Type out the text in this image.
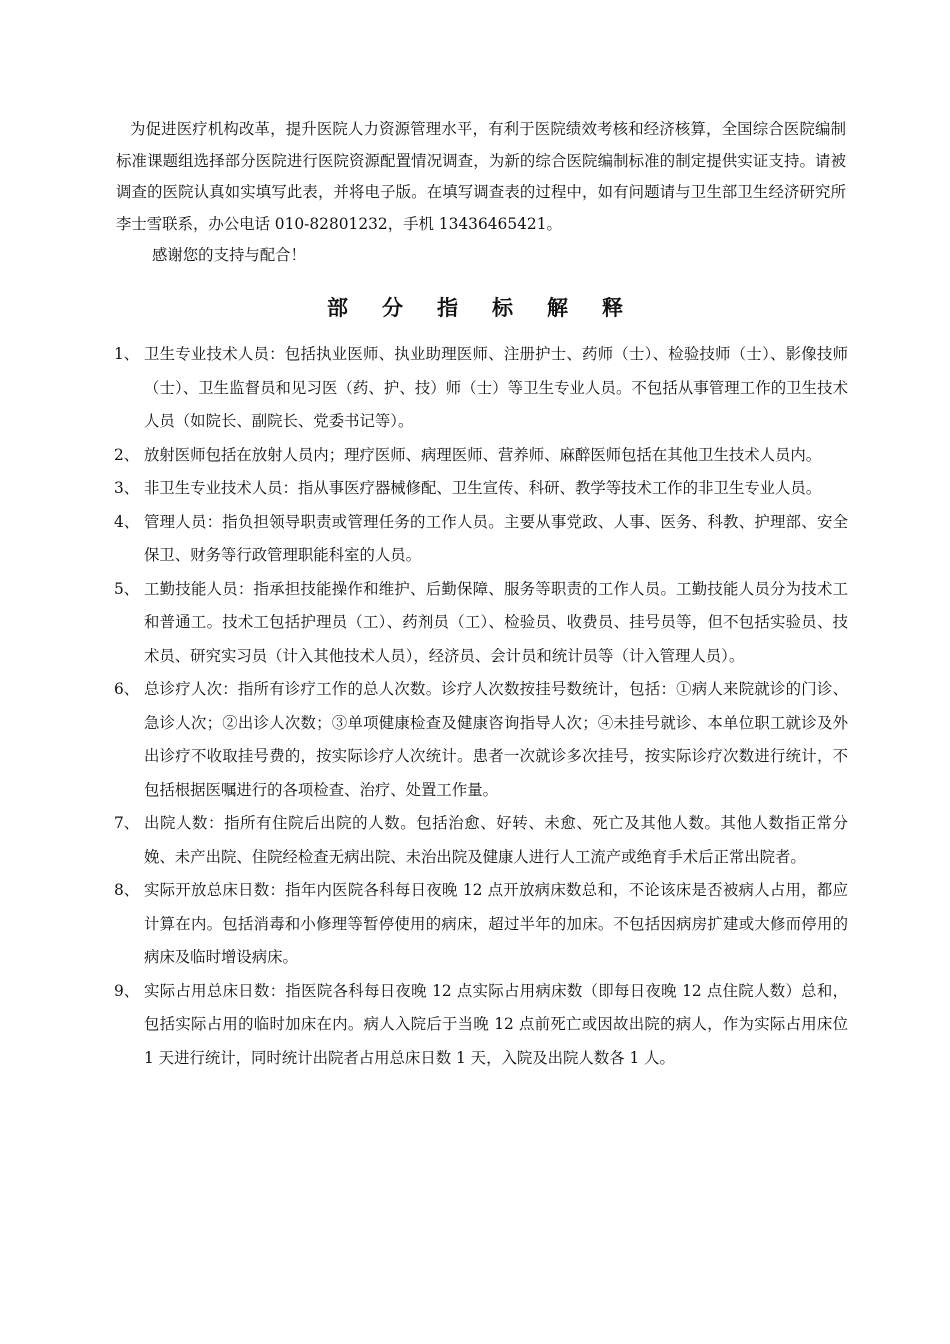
为促进医疗机构改革，提升医院人力资源管理水平，有利于医院绩效考核和经济核算，全国综合医院编制标准课题组选择部分医院进行医院资源配置情况调查，为新的综合医院编制标准的制定提供实证支持。请被调查的医院认真如实填写此表，并将电子版。在填写调查表的过程中，如有问题请与卫生部卫生经济研究所李士雪联系，办公电话 010-82801232，手机 13436465421。

感谢您的支持与配合！

部分指标解释
1、 卫生专业技术人员：包括执业医师、执业助理医师、注册护士、药师（士）、检验技师（士）、影像技师（士）、卫生监督员和见习医（药、护、技）师（士）等卫生专业人员。不包括从事管理工作的卫生技术人员（如院长、副院长、党委书记等）。
2、 放射医师包括在放射人员内；理疗医师、病理医师、营养师、麻醉医师包括在其他卫生技术人员内。
3、 非卫生专业技术人员：指从事医疗器械修配、卫生宣传、科研、教学等技术工作的非卫生专业人员。
4、 管理人员：指负担领导职责或管理任务的工作人员。主要从事党政、人事、医务、科教、护理部、安全保卫、财务等行政管理职能科室的人员。
5、 工勤技能人员：指承担技能操作和维护、后勤保障、服务等职责的工作人员。工勤技能人员分为技术工和普通工。技术工包括护理员（工）、药剂员（工）、检验员、收费员、挂号员等，但不包括实验员、技术员、研究实习员（计入其他技术人员），经济员、会计员和统计员等（计入管理人员）。
6、 总诊疗人次：指所有诊疗工作的总人次数。诊疗人次数按挂号数统计，包括：①病人来院就诊的门诊、急诊人次；②出诊人次数；③单项健康检查及健康咨询指导人次；④未挂号就诊、本单位职工就诊及外出诊疗不收取挂号费的，按实际诊疗人次统计。患者一次就诊多次挂号，按实际诊疗次数进行统计，不包括根据医嘱进行的各项检查、治疗、处置工作量。
7、 出院人数：指所有住院后出院的人数。包括治愈、好转、未愈、死亡及其他人数。其他人数指正常分娩、未产出院、住院经检查无病出院、未治出院及健康人进行人工流产或绝育手术后正常出院者。
8、 实际开放总床日数：指年内医院各科每日夜晚 12 点开放病床数总和，不论该床是否被病人占用，都应计算在内。包括消毒和小修理等暂停使用的病床，超过半年的加床。不包括因病房扩建或大修而停用的病床及临时增设病床。
9、 实际占用总床日数：指医院各科每日夜晚 12 点实际占用病床数（即每日夜晚 12 点住院人数）总和，包括实际占用的临时加床在内。病人入院后于当晚 12 点前死亡或因故出院的病人，作为实际占用床位 1 天进行统计，同时统计出院者占用总床日数 1 天，入院及出院人数各 1 人。
